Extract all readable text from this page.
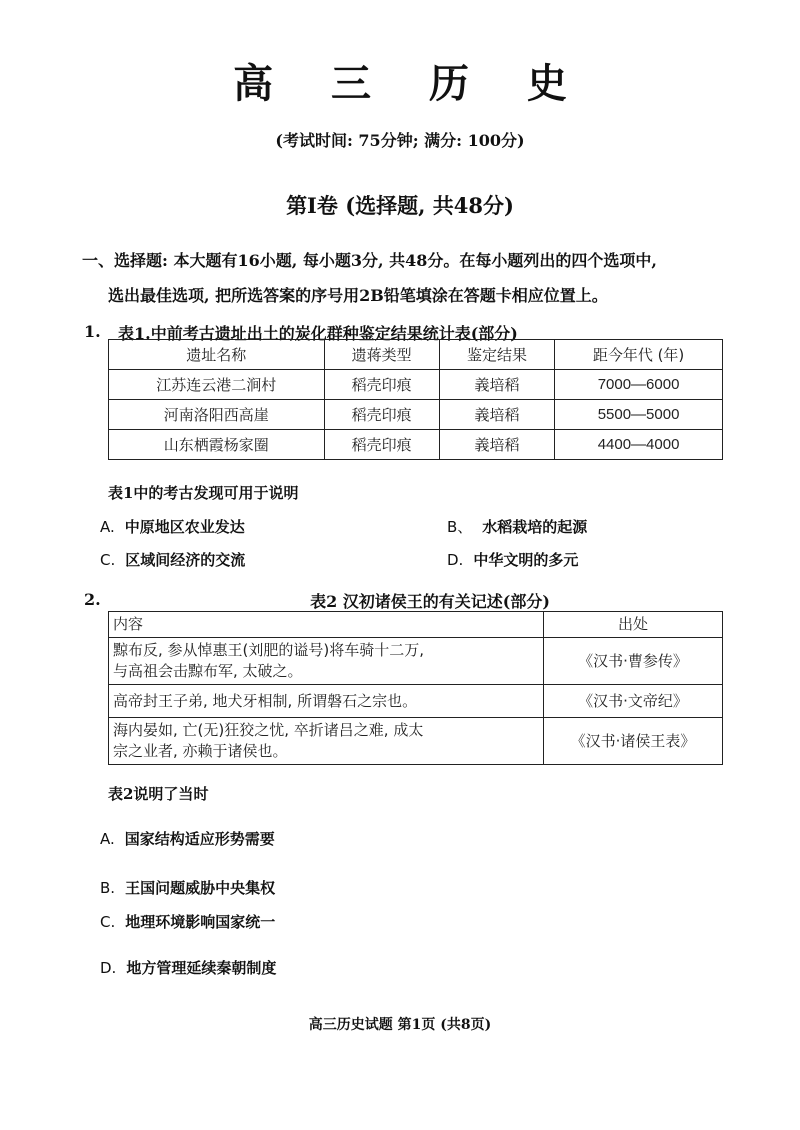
高 三 历 史
(考试时间: 75分钟; 满分: 100分)
第Ⅰ卷 (选择题, 共48分)
一、选择题: 本大题有16小题, 每小题3分, 共48分。在每小题列出的四个选项中,
选出最佳选项, 把所选答案的序号用2B铅笔填涂在答题卡相应位置上。
1. 表1.中前考古遗址出土的炭化群种鉴定结果统计表(部分)
遗址名称	遗蒋类型	鉴定结果	距今年代 (年)
江苏连云港二涧村	稻壳印痕	義培稻	7000—6000
河南洛阳西高崖	稻壳印痕	義培稻	5500—5000
山东栖霞杨家圈	稻壳印痕	義培稻	4400—4000
表1中的考古发现可用于说明
A. 中原地区农业发达	B、 水稻栽培的起源
C. 区域间经济的交流	D. 中华文明的多元
2.	表2 汉初诸侯王的有关记述(部分)
内容	出处

黥布反, 参从悼惠王(刘肥的谥号)将车骑十二万,
与高祖会击黥布军, 太破之。	《汉书·曹参传》

高帝封王子弟, 地犬牙相制, 所谓磐石之宗也。	《汉书·文帝纪》

海内晏如, 亡(无)狂狡之忧, 卒折诸吕之难, 成太
宗之业者, 亦赖于诸侯也。	《汉书·诸侯王表》
表2说明了当时
A. 国家结构适应形势需要
B. 王国问题威胁中央集权
C. 地理环境影响国家统一
D. 地方管理延续秦朝制度
高三历史试题 第1页 (共8页)
